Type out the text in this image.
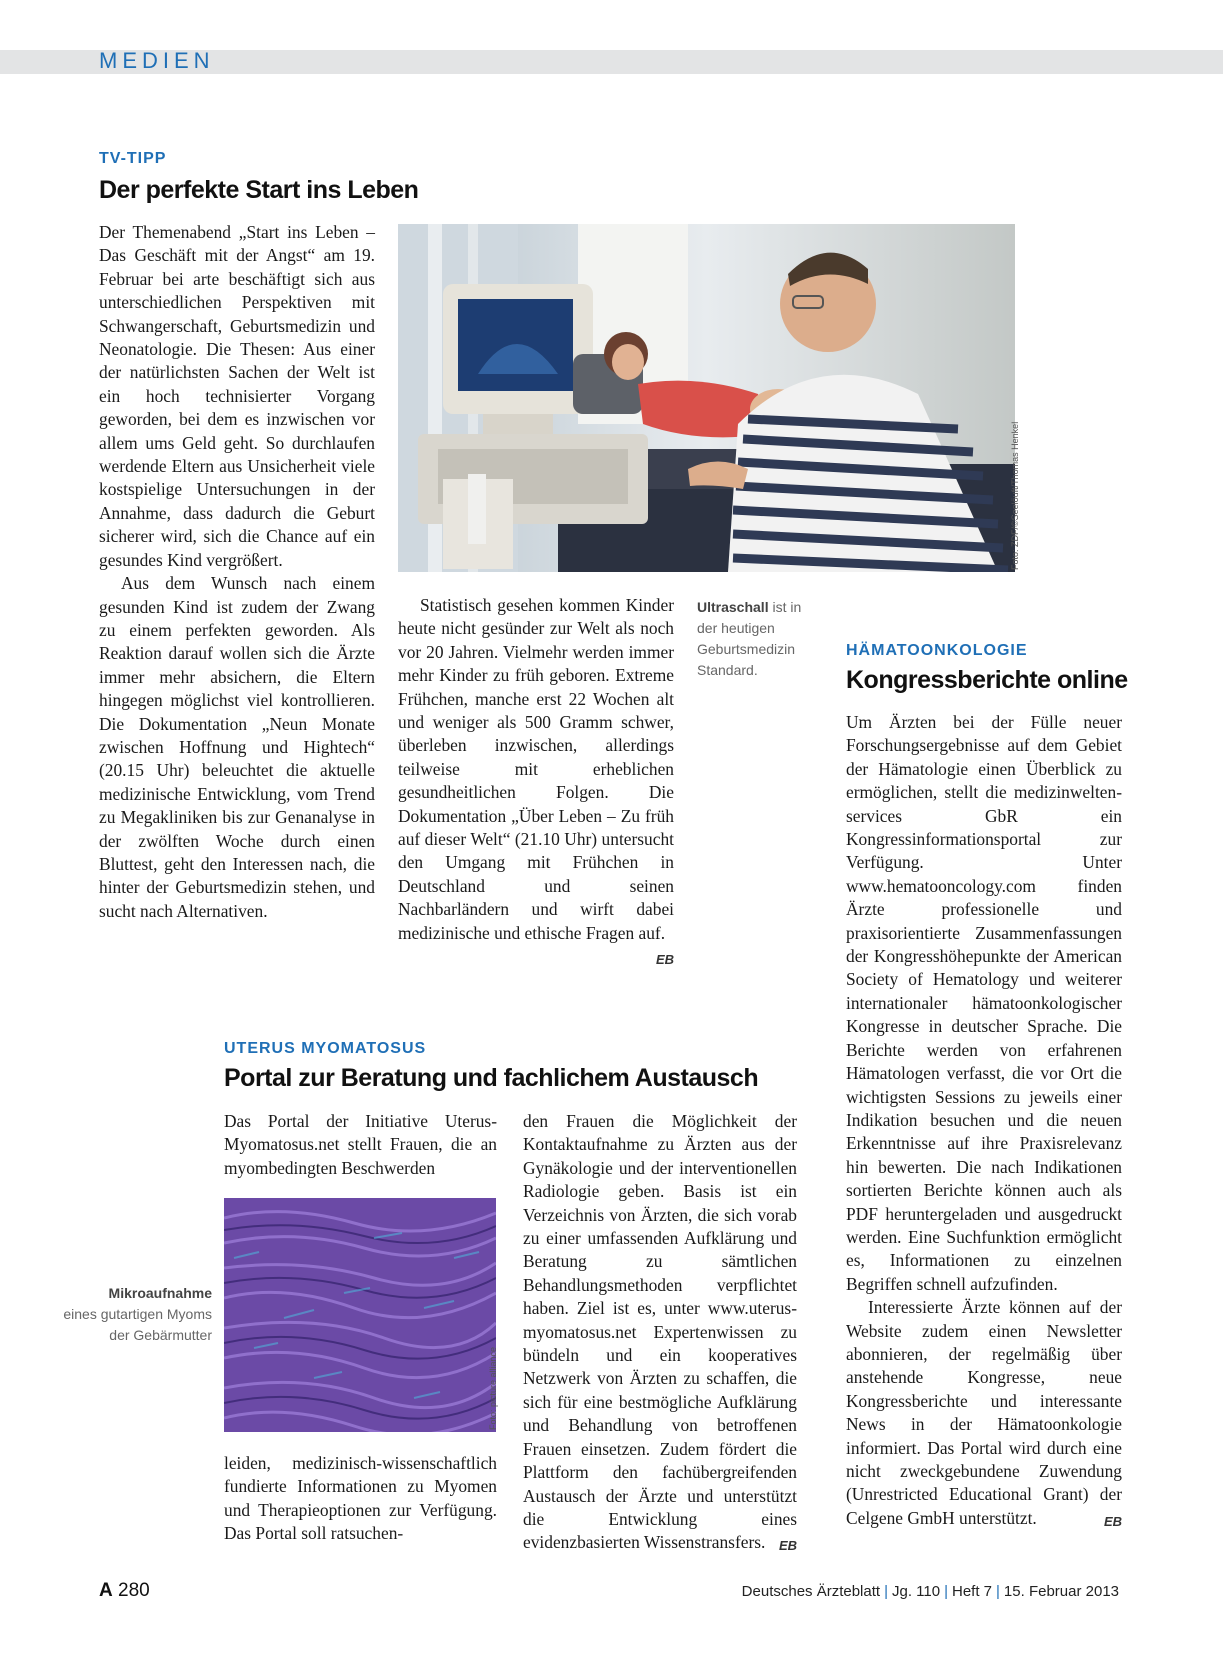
MEDIEN
TV-TIPP
Der perfekte Start ins Leben

Der Themenabend „Start ins Leben – Das Geschäft mit der Angst“ am 19. Februar bei arte beschäftigt sich aus unterschiedlichen Perspektiven mit Schwangerschaft, Geburtsmedizin und Neonatologie. Die Thesen: Aus einer der natürlichsten Sachen der Welt ist ein hoch technisierter Vorgang geworden, bei dem es inzwischen vor allem ums Geld geht. So durchlaufen werdende Eltern aus Unsicherheit viele kostspielige Untersuchungen in der Annahme, dass dadurch die Geburt sicherer wird, sich die Chance auf ein gesundes Kind vergrößert.

Aus dem Wunsch nach einem gesunden Kind ist zudem der Zwang zu einem perfekten geworden. Als Reaktion darauf wollen sich die Ärzte immer mehr absichern, die Eltern hingegen möglichst viel kontrollieren. Die Dokumentation „Neun Monate zwischen Hoffnung und Hightech“ (20.15 Uhr) beleuchtet die aktuelle medizinische Entwicklung, vom Trend zu Megakliniken bis zur Genanalyse in der zwölften Woche durch einen Bluttest, geht den Interessen nach, die hinter der Geburtsmedizin stehen, und sucht nach Alternativen.

Foto: ZDF/©Seelöuft/Thomas Henkel

Statistisch gesehen kommen Kinder heute nicht gesünder zur Welt als noch vor 20 Jahren. Vielmehr werden immer mehr Kinder zu früh geboren. Extreme Frühchen, manche erst 22 Wochen alt und weniger als 500 Gramm schwer, überleben inzwischen, allerdings teilweise mit erheblichen gesundheitlichen Folgen. Die Dokumentation „Über Leben – Zu früh auf dieser Welt“ (21.10 Uhr) untersucht den Umgang mit Frühchen in Deutschland und seinen Nachbarländern und wirft dabei medizinische und ethische Fragen auf.
EB

Ultraschall ist in der heutigen Geburtsmedizin Standard.
HÄMATOONKOLOGIE
Kongressberichte online

Um Ärzten bei der Fülle neuer Forschungsergebnisse auf dem Gebiet der Hämatologie einen Überblick zu ermöglichen, stellt die medizinwelten-services GbR ein Kongressinformationsportal zur Verfügung. Unter www.hematooncology.com finden Ärzte professionelle und praxisorientierte Zusammenfassungen der Kongresshöhepunkte der American Society of Hematology und weiterer internationaler hämatoonkologischer Kongresse in deutscher Sprache. Die Berichte werden von erfahrenen Hämatologen verfasst, die vor Ort die wichtigsten Sessions zu jeweils einer Indikation besuchen und die neuen Erkenntnisse auf ihre Praxisrelevanz hin bewerten. Die nach Indikationen sortierten Berichte können auch als PDF heruntergeladen und ausgedruckt werden. Eine Suchfunktion ermöglicht es, Informationen zu einzelnen Begriffen schnell aufzufinden.

Interessierte Ärzte können auf der Website zudem einen Newsletter abonnieren, der regelmäßig über anstehende Kongresse, neue Kongressberichte und interessante News in der Hämatoonkologie informiert. Das Portal wird durch eine nicht zweckgebundene Zuwendung (Unrestricted Educational Grant) der Celgene GmbH unterstützt.	EB

UTERUS MYOMATOSUS
Portal zur Beratung und fachlichem Austausch

Das Portal der Initiative Uterus-Myomatosus.net stellt Frauen, die an myombedingten Beschwerden

Foto: picture alliance
Mikroaufnahme
eines gutartigen Myoms der Gebärmutter

leiden, medizinisch-wissenschaftlich fundierte Informationen zu Myomen und Therapieoptionen zur Verfügung. Das Portal soll ratsuchen-

den Frauen die Möglichkeit der Kontaktaufnahme zu Ärzten aus der Gynäkologie und der interventionellen Radiologie geben. Basis ist ein Verzeichnis von Ärzten, die sich vorab zu einer umfassenden Aufklärung und Beratung zu sämtlichen Behandlungsmethoden verpflichtet haben. Ziel ist es, unter www.uterus-myomatosus.net Expertenwissen zu bündeln und ein kooperatives Netzwerk von Ärzten zu schaffen, die sich für eine bestmögliche Aufklärung und Behandlung von betroffenen Frauen einsetzen. Zudem fördert die Plattform den fachübergreifenden Austausch der Ärzte und unterstützt die Entwicklung eines evidenzbasierten Wissenstransfers. EB

A 280	Deutsches Ärzteblatt | Jg. 110 | Heft 7 | 15. Februar 2013
